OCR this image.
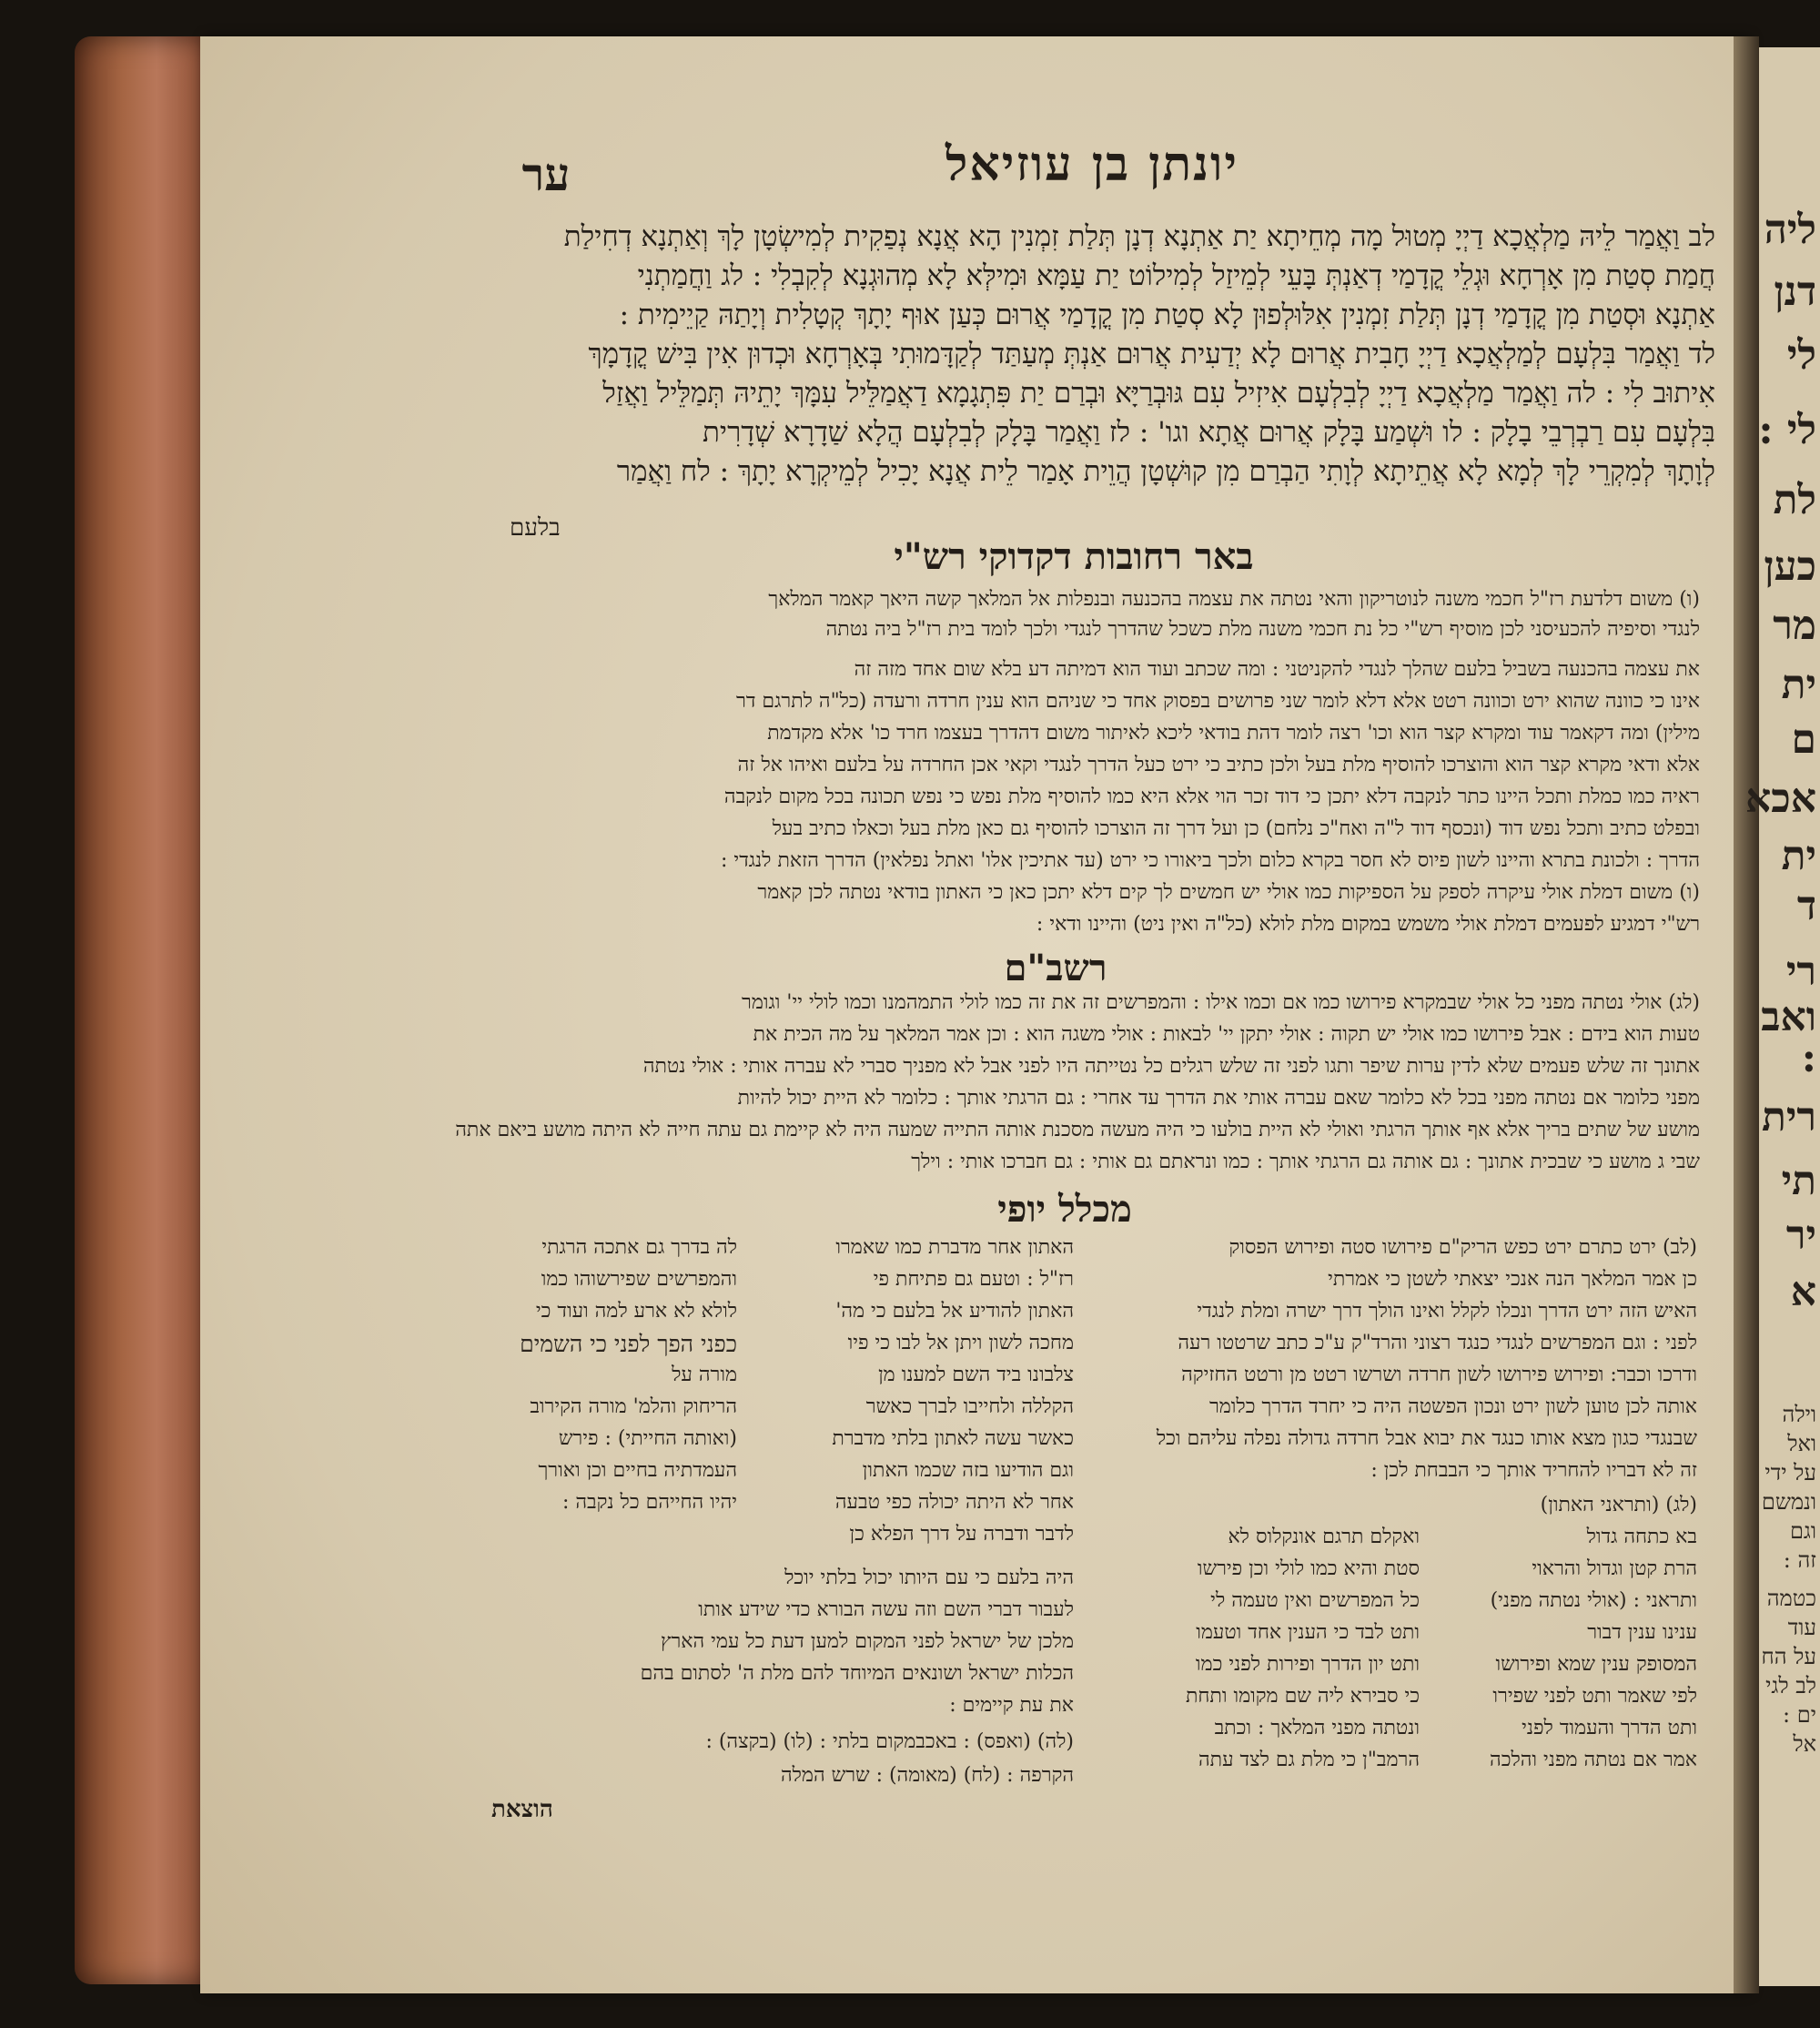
ליה
דנן
לי
לי :
לת
כען
מר
ית
ם
אכא
ית
ד
רי
ואב
:
רית
תי
יר
א
וילה
ואל
על ידי
ונמשם
וגם
זה :
כטמה
עוד
על הח
לב לגי
ים :
אל
יונתן בן עוזיאל
ער
לב וַאֲמַר לֵיהּ מַלְאֲכָא דַיְיָ מְטוּל מָה מְחֵיתָא יַת אַתְנָא דְנָן תְּלַת זִמְנִין הָא אֲנָא נְפַקִית לְמִישְׂטָן לָךְ וְאַתְנָא דְחִילַת
חֲמַת סְטַת מִן אָרְחָא וּגְלֵי קֳדָמַי דְאַנְתְּ בָּעֵי לְמֵיזַל לְמִילוֹט יַת עַמָּא וּמִילְּא לָא מְהוּגְנָא לְקִבְלִי : לג וַחֲמַתְנִי
אַתְנָא וּסְטַת מִן קֳדָמַי דְנָן תְּלַת זִמְנִין אִלּוּלְפוּן לָא סְטַת מִן קֳדָמַי אֲרוּם כְּעַן אוּף יָתָךְ קְטָלִית וְיָתַהּ קַיֵימִית :
לד וַאֲמַר בִּלְעָם לְמַלְאֲכָא דַיְיָ חָבִית אֲרוּם לָא יְדַעִית אֲרוּם אַנְתְּ מְעַתַּד לְקַדָּמוּתִי בְּאָרְחָא וּכְדוּן אִין בִּישׁ קֳדָמָךְ
אִיתוּב לִי : לה וַאֲמַר מַלְאֲכָא דַיְיָ לְבִלְעָם אִיזִיל עִם גּוּבְרַיָּא וּבְרַם יַת פִּתְגָמָא דַאֲמַלֵּיל עִמָּךְ יָתֵיהּ תְּמַלֵּיל וַאֲזַל
בִּלְעָם עִם רַבְרְבֵי בָלָק : לו וּשְׁמַע בָּלָק אֲרוּם אֲתָא וגו' : לז וַאֲמַר בָּלָק לְבִלְעָם הֲלָא שַׁדָרָא שְׁדָרִית
לְוָתָךְ לְמִקְרֵי לָךְ לְמָא לָא אֲתֵיתָא לְוָתִי הַבְרַם מִן קוּשְׁטָן הֲוֵית אָמַר לֵית אֲנָא יָכִיל לְמֵיקְרָא יָתָךְ : לח וַאֲמַר
בלעם
באר רחובות דקדוקי רש"י
(ו) משום דלדעת רז"ל חכמי משנה לנוטריקון והאי נטתה את עצמה בהכנעה ובנפלות אל המלאך קשה היאך קאמר המלאך
לנגדי וסיפיה להכעיסני לכן מוסיף רש"י כל נת חכמי משנה מלת כשכל שהדרך לנגדי ולכך לומד בית רז"ל ביה נטתה
את עצמה בהכנעה בשביל בלעם שהלך לנגדי להקניטני : ומה שכתב ועוד הוא דמיתה דע בלא שום אחד מזה זה
אינו כי כוונה שהוא ירט וכוונה רטט אלא דלא לומר שני פרושים בפסוק אחד כי שניהם הוא ענין חרדה ורעדה (כל"ה לתרגם דר
מילין) ומה דקאמר עוד ומקרא קצר הוא וכו' רצה לומר דהת בודאי ליכא לאיתור משום דהדרך בעצמו חרד כו' אלא מקדמת
אלא ודאי מקרא קצר הוא והוצרכו להוסיף מלת בעל ולכן כתיב כי ירט כעל הדרך לנגדי וקאי אכן החרדה על בלעם ואיהו אל זה
ראיה כמו כמלת ותכל היינו כתר לנקבה דלא יתכן כי דוד זכר הוי אלא היא כמו להוסיף מלת נפש כי נפש תכונה בכל מקום לנקבה
ובפלט כתיב ותכל נפש דוד (ונכסף דוד ל"ה ואח"כ נלחם) כן ועל דרך זה הוצרכו להוסיף גם כאן מלת בעל וכאלו כתיב בעל
הדרך : ולכונת בתרא והיינו לשון פיוס לא חסר בקרא כלום ולכך ביאורו כי ירט (עד אתיכין אלו' ואתל נפלאין) הדרך הזאת לנגדי :
(ו) משום דמלת אולי עיקרה לספק על הספיקות כמו אולי יש חמשים לך קים דלא יתכן כאן כי האתון בודאי נטתה לכן קאמר
רש"י דמגיע לפעמים דמלת אולי משמש במקום מלת לולא (כל"ה ואין ניט) והיינו ודאי :
רשב"ם
(לג) אולי נטתה מפני כל אולי שבמקרא פירושו כמו אם וכמו אילו : והמפרשים זה את זה כמו לולי התמהמנו וכמו לולי יי' וגומר
טעות הוא בידם : אבל פירושו כמו אולי יש תקוה : אולי יתקן יי' לבאות : אולי משגה הוא : וכן אמר המלאך על מה הכית את
אתונך זה שלש פעמים שלא לדין ערות שיפר ותגו לפני זה שלש רגלים כל נטייתה היו לפני אבל לא מפניך סברי לא עברה אותי : אולי נטתה
מפני כלומר אם נטתה מפני בכל לא כלומר שאם עברה אותי את הדרך עד אחרי : גם הרגתי אותך : כלומר לא היית יכול להיות
מושע של שתים בריך אלא אף אותך הרגתי ואולי לא היית בולעו כי היה מעשה מסכנת אותה התייה שמעה היה לא קיימת גם עתה חייה לא היתה מושע ביאם אתה
שבי ג מושע כי שבכית אתונך : גם אותה גם הרגתי אותך : כמו ונראתם גם אותי : גם חברכו אותי : וילך
מכלל יופי
(לב) ירט כתרם ירט כפש הריק"ם פירושו סטה ופירוש הפסוק
כן אמר המלאך הנה אנכי יצאתי לשטן כי אמרתי
האיש הזה ירט הדרך ונכלו לקלל ואינו הולך דרך ישרה ומלת לנגדי
לפני : וגם המפרשים לנגדי כנגד רצוני והרד"ק ע"כ כתב שרטטו רעה
ודרכו וכבר: ופירוש פירושו לשון חרדה ושרשו רטט מן ורטט החזיקה
אותה לכן טוען לשון ירט ונכון הפשטה היה כי יחרד הדרך כלומר
שבנגדי כגון מצא אותו כנגד את יבוא אבל חרדה גדולה נפלה עליהם וכל
זה לא דבריו להחריד אותך כי הבבחת לכן :
(לג) (ותראני האתון)
בא כתחה גדול
הרת קטן וגדול והראוי
ותראני : (אולי נטתה מפני)
ענינו ענין דבור
המסופק ענין שמא ופירושו
לפי שאמר ותט לפני שפירו
ותט הדרך והעמוד לפני
אמר אם נטתה מפני והלכה
ואקלם תרגם אונקלוס לא
סטת והיא כמו לולי וכן פירשו
כל המפרשים ואין טעמה לי
ותט לבד כי הענין אחד וטעמו
ותט יון הדרך ופירות לפני כמו
כי סבירא ליה שם מקומו ותחת
ונטתה מפני המלאך : וכתב
הרמב"ן כי מלת גם לצד עתה
האתון אחר מדברת כמו שאמרו
רז"ל : וטעם גם פתיחת פי
האתון להודיע אל בלעם כי מה'
מחכה לשון ויתן אל לבו כי פיו
צלבונו ביד השם למענו מן
הקללה ולחייבו לברך כאשר
כאשר עשה לאתון בלתי מדברת
וגם הודיעו בזה שכמו האתון
אחר לא היתה יכולה כפי טבעה
לדבר ודברה על דרך הפלא כן
היה בלעם כי עם היותו יכול בלתי יוכל
לעבור דברי השם וזה עשה הבורא כדי שידע אותו
מלכן של ישראל לפני המקום למען דעת כל עמי הארץ
הכלות ישראל ושונאים המיוחד להם מלת ה' לסתום בהם
את עת קיימים :
לה בדרך גם אתכה הרגתי
והמפרשים שפירשוהו כמו
לולא לא ארע למה ועוד כי
כפני הפך לפני כי השמים
מורה על
הריחוק והלמ' מורה הקירוב
(ואותה החייתי) : פירש
העמדתיה בחיים וכן ואורך
יהיו החייהם כל נקבה :
(לה) (ואפס) : באכבמקום בלתי : (לו) (בקצה) :
הקרפה : (לח) (מאומה) : שרש המלה
הוצאת
